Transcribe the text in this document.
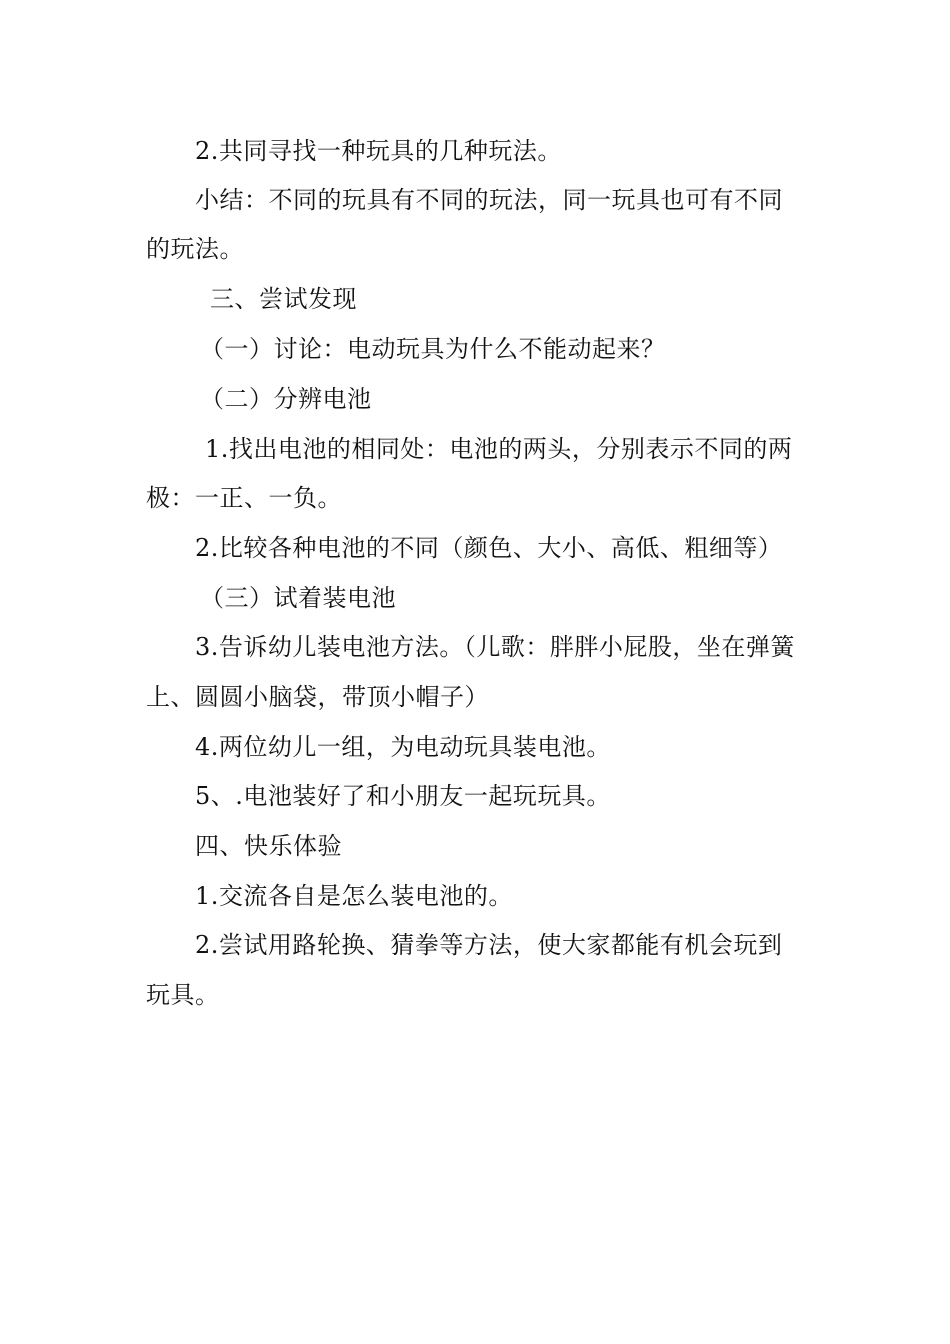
2.共同寻找一种玩具的几种玩法。
小结：不同的玩具有不同的玩法，同一玩具也可有不同
的玩法。
三、尝试发现
（一）讨论：电动玩具为什么不能动起来？
（二）分辨电池
1.找出电池的相同处：电池的两头，分别表示不同的两
极：一正、一负。
2.比较各种电池的不同（颜色、大小、高低、粗细等）
（三）试着装电池
3.告诉幼儿装电池方法。（儿歌：胖胖小屁股，坐在弹簧
上、圆圆小脑袋，带顶小帽子）
4.两位幼儿一组，为电动玩具装电池。
5、.电池装好了和小朋友一起玩玩具。
四、快乐体验
1.交流各自是怎么装电池的。
2.尝试用路轮换、猜拳等方法，使大家都能有机会玩到
玩具。
